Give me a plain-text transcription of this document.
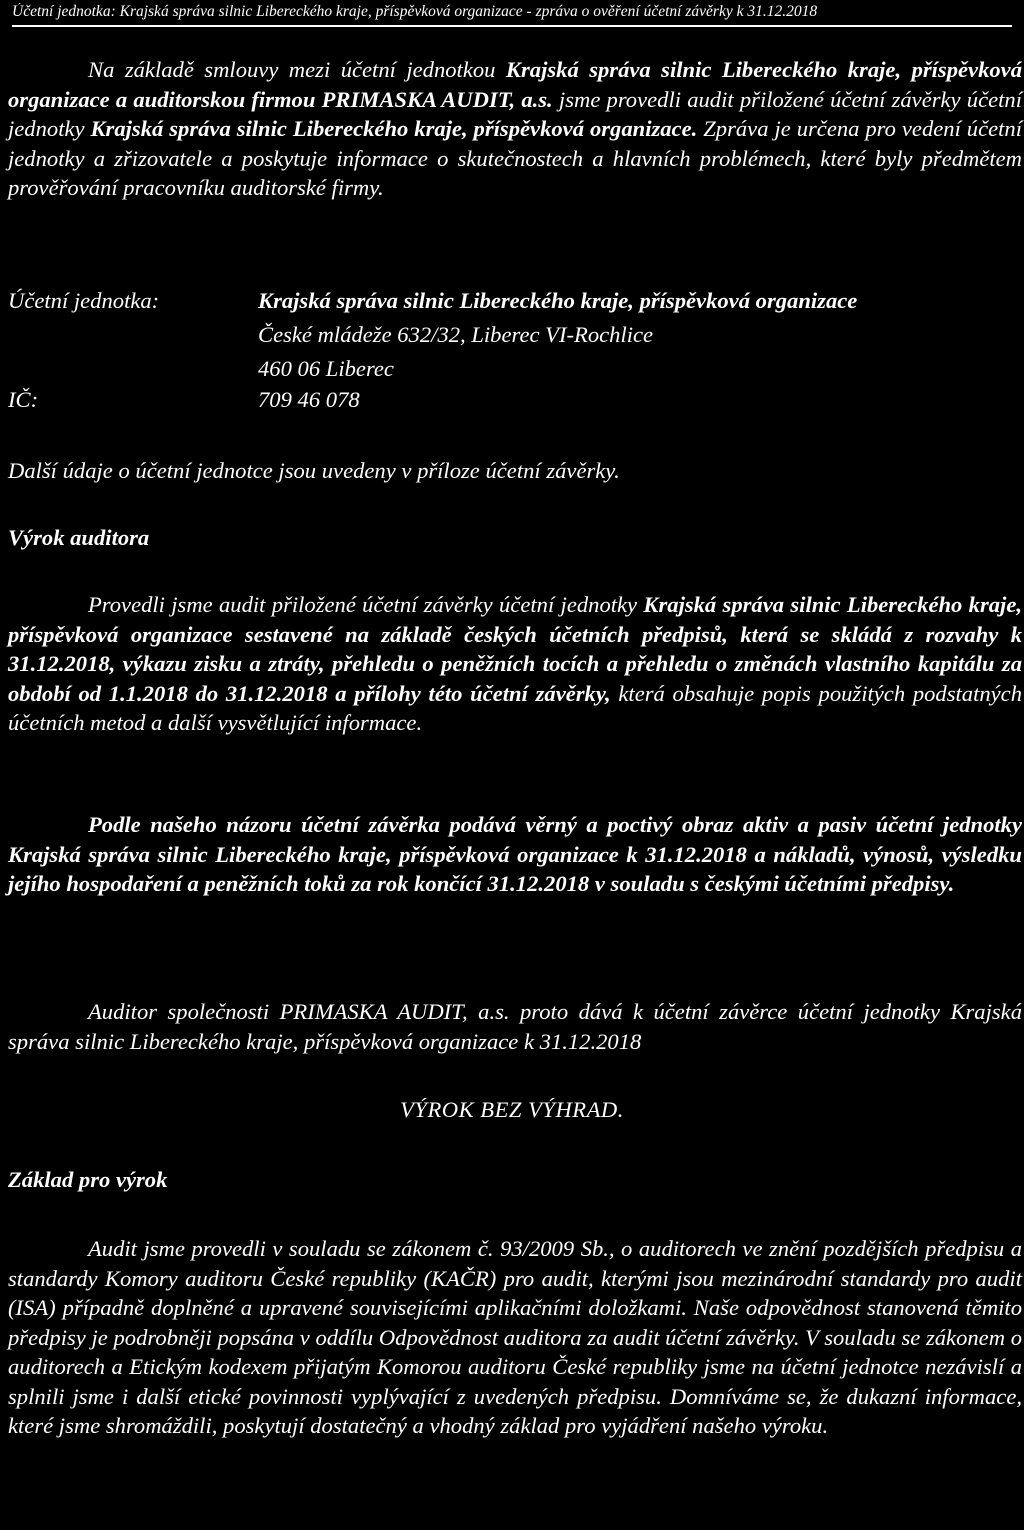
Účetní jednotka: Krajská správa silnic Libereckého kraje, příspěvková organizace - zpráva o ověření účetní závěrky k 31.12.2018

Na základě smlouvy mezi účetní jednotkou Krajská správa silnic Libereckého kraje, příspěvková organizace a auditorskou firmou PRIMASKA AUDIT, a.s. jsme provedli audit přiložené účetní závěrky účetní jednotky Krajská správa silnic Libereckého kraje, příspěvková organizace. Zpráva je určena pro vedení účetní jednotky a zřizovatele a poskytuje informace o skutečnostech a hlavních problémech, které byly předmětem prověřování pracovníku auditorské firmy.

Účetní jednotka:	Krajská správa silnic Libereckého kraje, příspěvková organizace
České mládeže 632/32, Liberec VI-Rochlice
460 06 Liberec
IČ:	709 46 078
Další údaje o účetní jednotce jsou uvedeny v příloze účetní závěrky.
Výrok auditora

Provedli jsme audit přiložené účetní závěrky účetní jednotky Krajská správa silnic Libereckého kraje, příspěvková organizace sestavené na základě českých účetních předpisů, která se skládá z rozvahy k 31.12.2018, výkazu zisku a ztráty, přehledu o peněžních tocích a přehledu o změnách vlastního kapitálu za období od 1.1.2018 do 31.12.2018 a přílohy této účetní závěrky, která obsahuje popis použitých podstatných účetních metod a další vysvětlující informace.

Podle našeho názoru účetní závěrka podává věrný a poctivý obraz aktiv a pasiv účetní jednotky Krajská správa silnic Libereckého kraje, příspěvková organizace k 31.12.2018 a nákladů, výnosů, výsledku jejího hospodaření a peněžních toků za rok končící 31.12.2018 v souladu s českými účetními předpisy.

Auditor společnosti PRIMASKA AUDIT, a.s. proto dává k účetní závěrce účetní jednotky Krajská správa silnic Libereckého kraje, příspěvková organizace k 31.12.2018

VÝROK BEZ VÝHRAD.
Základ pro výrok

Audit jsme provedli v souladu se zákonem č. 93/2009 Sb., o auditorech ve znění pozdějších předpisu a standardy Komory auditoru České republiky (KAČR) pro audit, kterými jsou mezinárodní standardy pro audit (ISA) případně doplněné a upravené souvisejícími aplikačními doložkami. Naše odpovědnost stanovená těmito předpisy je podrobněji popsána v oddílu Odpovědnost auditora za audit účetní závěrky. V souladu se zákonem o auditorech a Etickým kodexem přijatým Komorou auditoru České republiky jsme na účetní jednotce nezávislí a splnili jsme i další etické povinnosti vyplývající z uvedených předpisu. Domníváme se, že dukazní informace, které jsme shromáždili, poskytují dostatečný a vhodný základ pro vyjádření našeho výroku.
